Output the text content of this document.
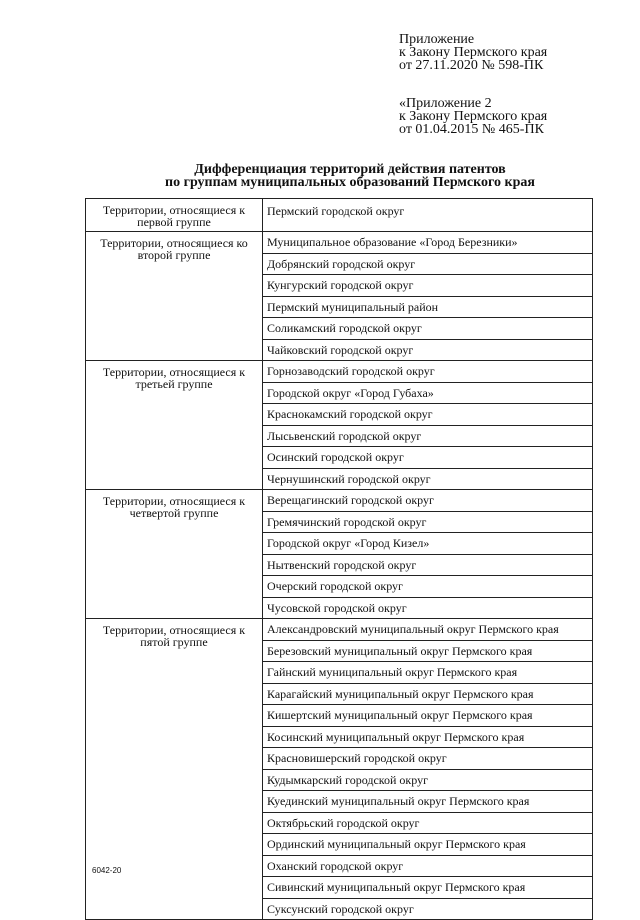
Приложение
к Закону Пермского края
от 27.11.2020 № 598-ПК
«Приложение 2
к Закону Пермского края
от 01.04.2015 № 465-ПК
Дифференциация территорий действия патентов
по группам муниципальных образований Пермского края
Территории, относящиеся к первой группе	Пермский городской округ
Территории, относящиеся ко второй группе	Муниципальное образование «Город Березники»
	Добрянский городской округ
	Кунгурский городской округ
	Пермский муниципальный район
	Соликамский городской округ
	Чайковский городской округ
Территории, относящиеся к третьей группе	Горнозаводский городской округ
	Городской округ «Город Губаха»
	Краснокамский городской округ
	Лысьвенский городской округ
	Осинский городской округ
	Чернушинский городской округ
Территории, относящиеся к четвертой группе	Верещагинский городской округ
	Гремячинский городской округ
	Городской округ «Город Кизел»
	Нытвенский городской округ
	Очерский городской округ
	Чусовской городской округ
Территории, относящиеся к пятой группе	Александровский муниципальный округ Пермского края
	Березовский муниципальный округ Пермского края
	Гайнский муниципальный округ Пермского края
	Карагайский муниципальный округ Пермского края
	Кишертский муниципальный округ Пермского края
	Косинский муниципальный округ Пермского края
	Красновишерский городской округ
	Кудымкарский городской округ
	Куединский муниципальный округ Пермского края
	Октябрьский городской округ
	Ординский муниципальный округ Пермского края
	Оханский городской округ
	Сивинский муниципальный округ Пермского края
	Суксунский городской округ
6042-20
